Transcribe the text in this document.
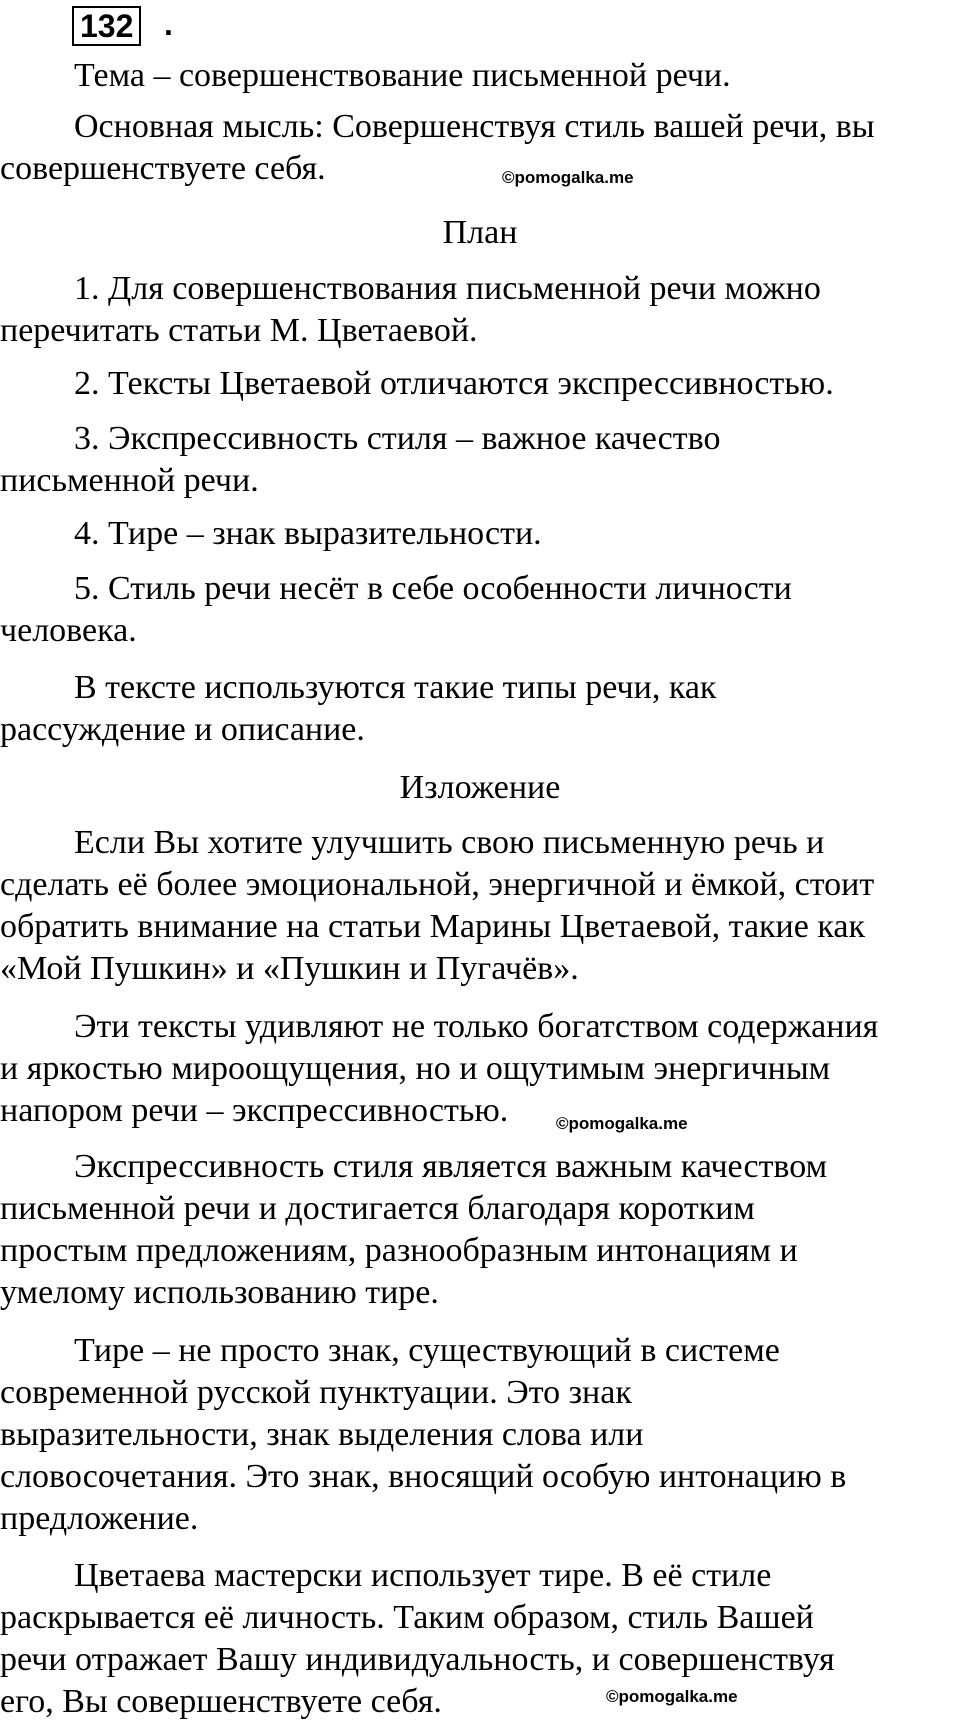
132 .
Тема – совершенствование письменной речи.
Основная мысль: Совершенствуя стиль вашей речи, вы
совершенствуете себя.	©pomogalka.me
План
1. Для совершенствования письменной речи можно
перечитать статьи М. Цветаевой.
2. Тексты Цветаевой отличаются экспрессивностью.
3. Экспрессивность стиля – важное качество
письменной речи.
4. Тире – знак выразительности.
5. Стиль речи несёт в себе особенности личности
человека.
В тексте используются такие типы речи, как
рассуждение и описание.
Изложение
Если Вы хотите улучшить свою письменную речь и
сделать её более эмоциональной, энергичной и ёмкой, стоит
обратить внимание на статьи Марины Цветаевой, такие как
«Мой Пушкин» и «Пушкин и Пугачёв».
Эти тексты удивляют не только богатством содержания
и яркостью мироощущения, но и ощутимым энергичным
напором речи – экспрессивностью.	©pomogalka.me
Экспрессивность стиля является важным качеством
письменной речи и достигается благодаря коротким
простым предложениям, разнообразным интонациям и
умелому использованию тире.
Тире – не просто знак, существующий в системе
современной русской пунктуации. Это знак
выразительности, знак выделения слова или
словосочетания. Это знак, вносящий особую интонацию в
предложение.
Цветаева мастерски использует тире. В её стиле
раскрывается её личность. Таким образом, стиль Вашей
речи отражает Вашу индивидуальность, и совершенствуя
его, Вы совершенствуете себя.	©pomogalka.me
